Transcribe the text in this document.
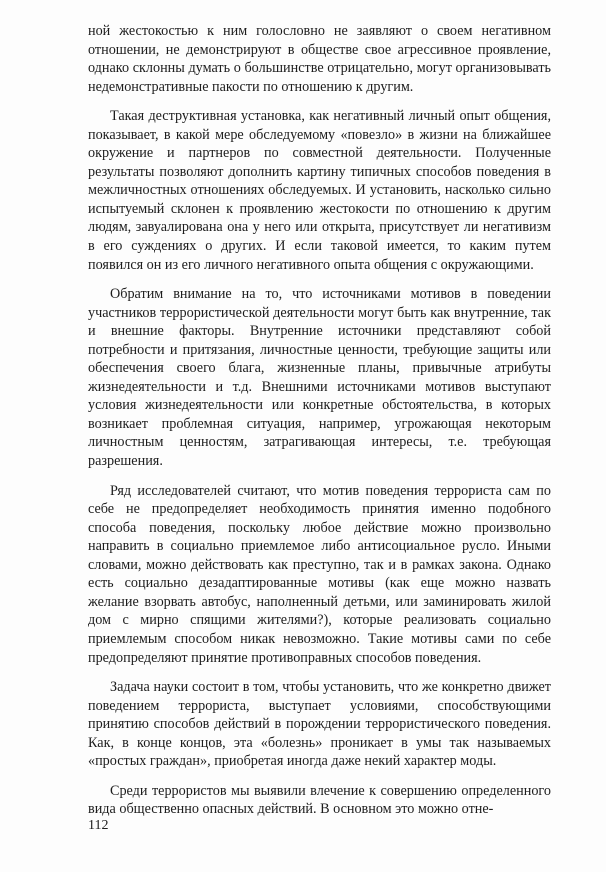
ной жестокостью к ним голословно не заявляют о своем негативном отношении, не демонстрируют в обществе свое агрессивное проявление, однако склонны думать о большинстве отрицательно, могут организовывать недемонстративные пакости по отношению к другим.

Такая деструктивная установка, как негативный личный опыт общения, показывает, в какой мере обследуемому «повезло» в жизни на ближайшее окружение и партнеров по совместной деятельности. Полученные результаты позволяют дополнить картину типичных способов поведения в межличностных отношениях обследуемых. И установить, насколько сильно испытуемый склонен к проявлению жестокости по отношению к другим людям, завуалирована она у него или открыта, присутствует ли негативизм в его суждениях о других. И если таковой имеется, то каким путем появился он из его личного негативного опыта общения с окружающими.

Обратим внимание на то, что источниками мотивов в поведении участников террористической деятельности могут быть как внутренние, так и внешние факторы. Внутренние источники представляют собой потребности и притязания, личностные ценности, требующие защиты или обеспечения своего блага, жизненные планы, привычные атрибуты жизнедеятельности и т.д. Внешними источниками мотивов выступают условия жизнедеятельности или конкретные обстоятельства, в которых возникает проблемная ситуация, например, угрожающая некоторым личностным ценностям, затрагивающая интересы, т.е. требующая разрешения.

Ряд исследователей считают, что мотив поведения террориста сам по себе не предопределяет необходимость принятия именно подобного способа поведения, поскольку любое действие можно произвольно направить в социально приемлемое либо антисоциальное русло. Иными словами, можно действовать как преступно, так и в рамках закона. Однако есть социально дезадаптированные мотивы (как еще можно назвать желание взорвать автобус, наполненный детьми, или заминировать жилой дом с мирно спящими жителями?), которые реализовать социально приемлемым способом никак невозможно. Такие мотивы сами по себе предопределяют принятие противоправных способов поведения.

Задача науки состоит в том, чтобы установить, что же конкретно движет поведением террориста, выступает условиями, способствующими принятию способов действий в порождении террористического поведения. Как, в конце концов, эта «болезнь» проникает в умы так называемых «простых граждан», приобретая иногда даже некий характер моды.

Среди террористов мы выявили влечение к совершению определенного вида общественно опасных действий. В основном это можно отне-

112
